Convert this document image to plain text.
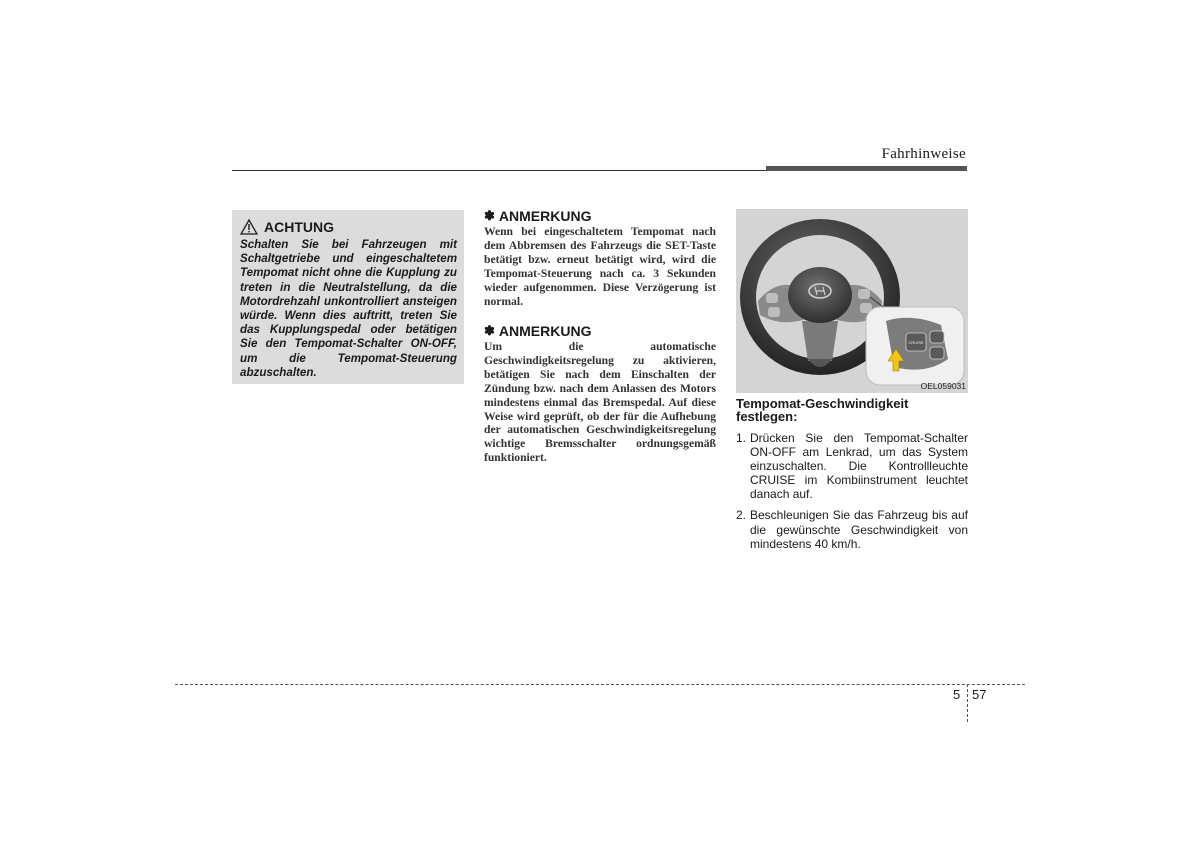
Fahrhinweise
ACHTUNG
Schalten Sie bei Fahrzeugen mit Schaltgetriebe und eingeschaltetem Tempomat nicht ohne die Kupplung zu treten in die Neutralstellung, da die Motordrehzahl unkontrolliert ansteigen würde. Wenn dies auftritt, treten Sie das Kupplungspedal oder betätigen Sie den Tempomat-Schalter ON-OFF, um die Tempomat-Steuerung abzuschalten.
✽ ANMERKUNG
Wenn bei eingeschaltetem Tempomat nach dem Abbremsen des Fahrzeugs die SET-Taste betätigt bzw. erneut betätigt wird, wird die Tempomat-Steuerung nach ca. 3 Sekunden wieder aufgenommen. Diese Verzögerung ist normal.
✽ ANMERKUNG
Um die automatische Geschwindigkeitsregelung zu aktivieren, betätigen Sie nach dem Einschalten der Zündung bzw. nach dem Anlassen des Motors mindestens einmal das Bremspedal. Auf diese Weise wird geprüft, ob der für die Aufhebung der automatischen Geschwindigkeitsregelung wichtige Bremsschalter ordnungsgemäß funktioniert.
CRUISE
OEL059031
Tempomat-Geschwindigkeit festlegen:
1. Drücken Sie den Tempomat-Schalter ON-OFF am Lenkrad, um das System einzuschalten. Die Kontrollleuchte CRUISE im Kombiinstrument leuchtet danach auf.
2. Beschleunigen Sie das Fahrzeug bis auf die gewünschte Geschwindigkeit von mindestens 40 km/h.
5 57
